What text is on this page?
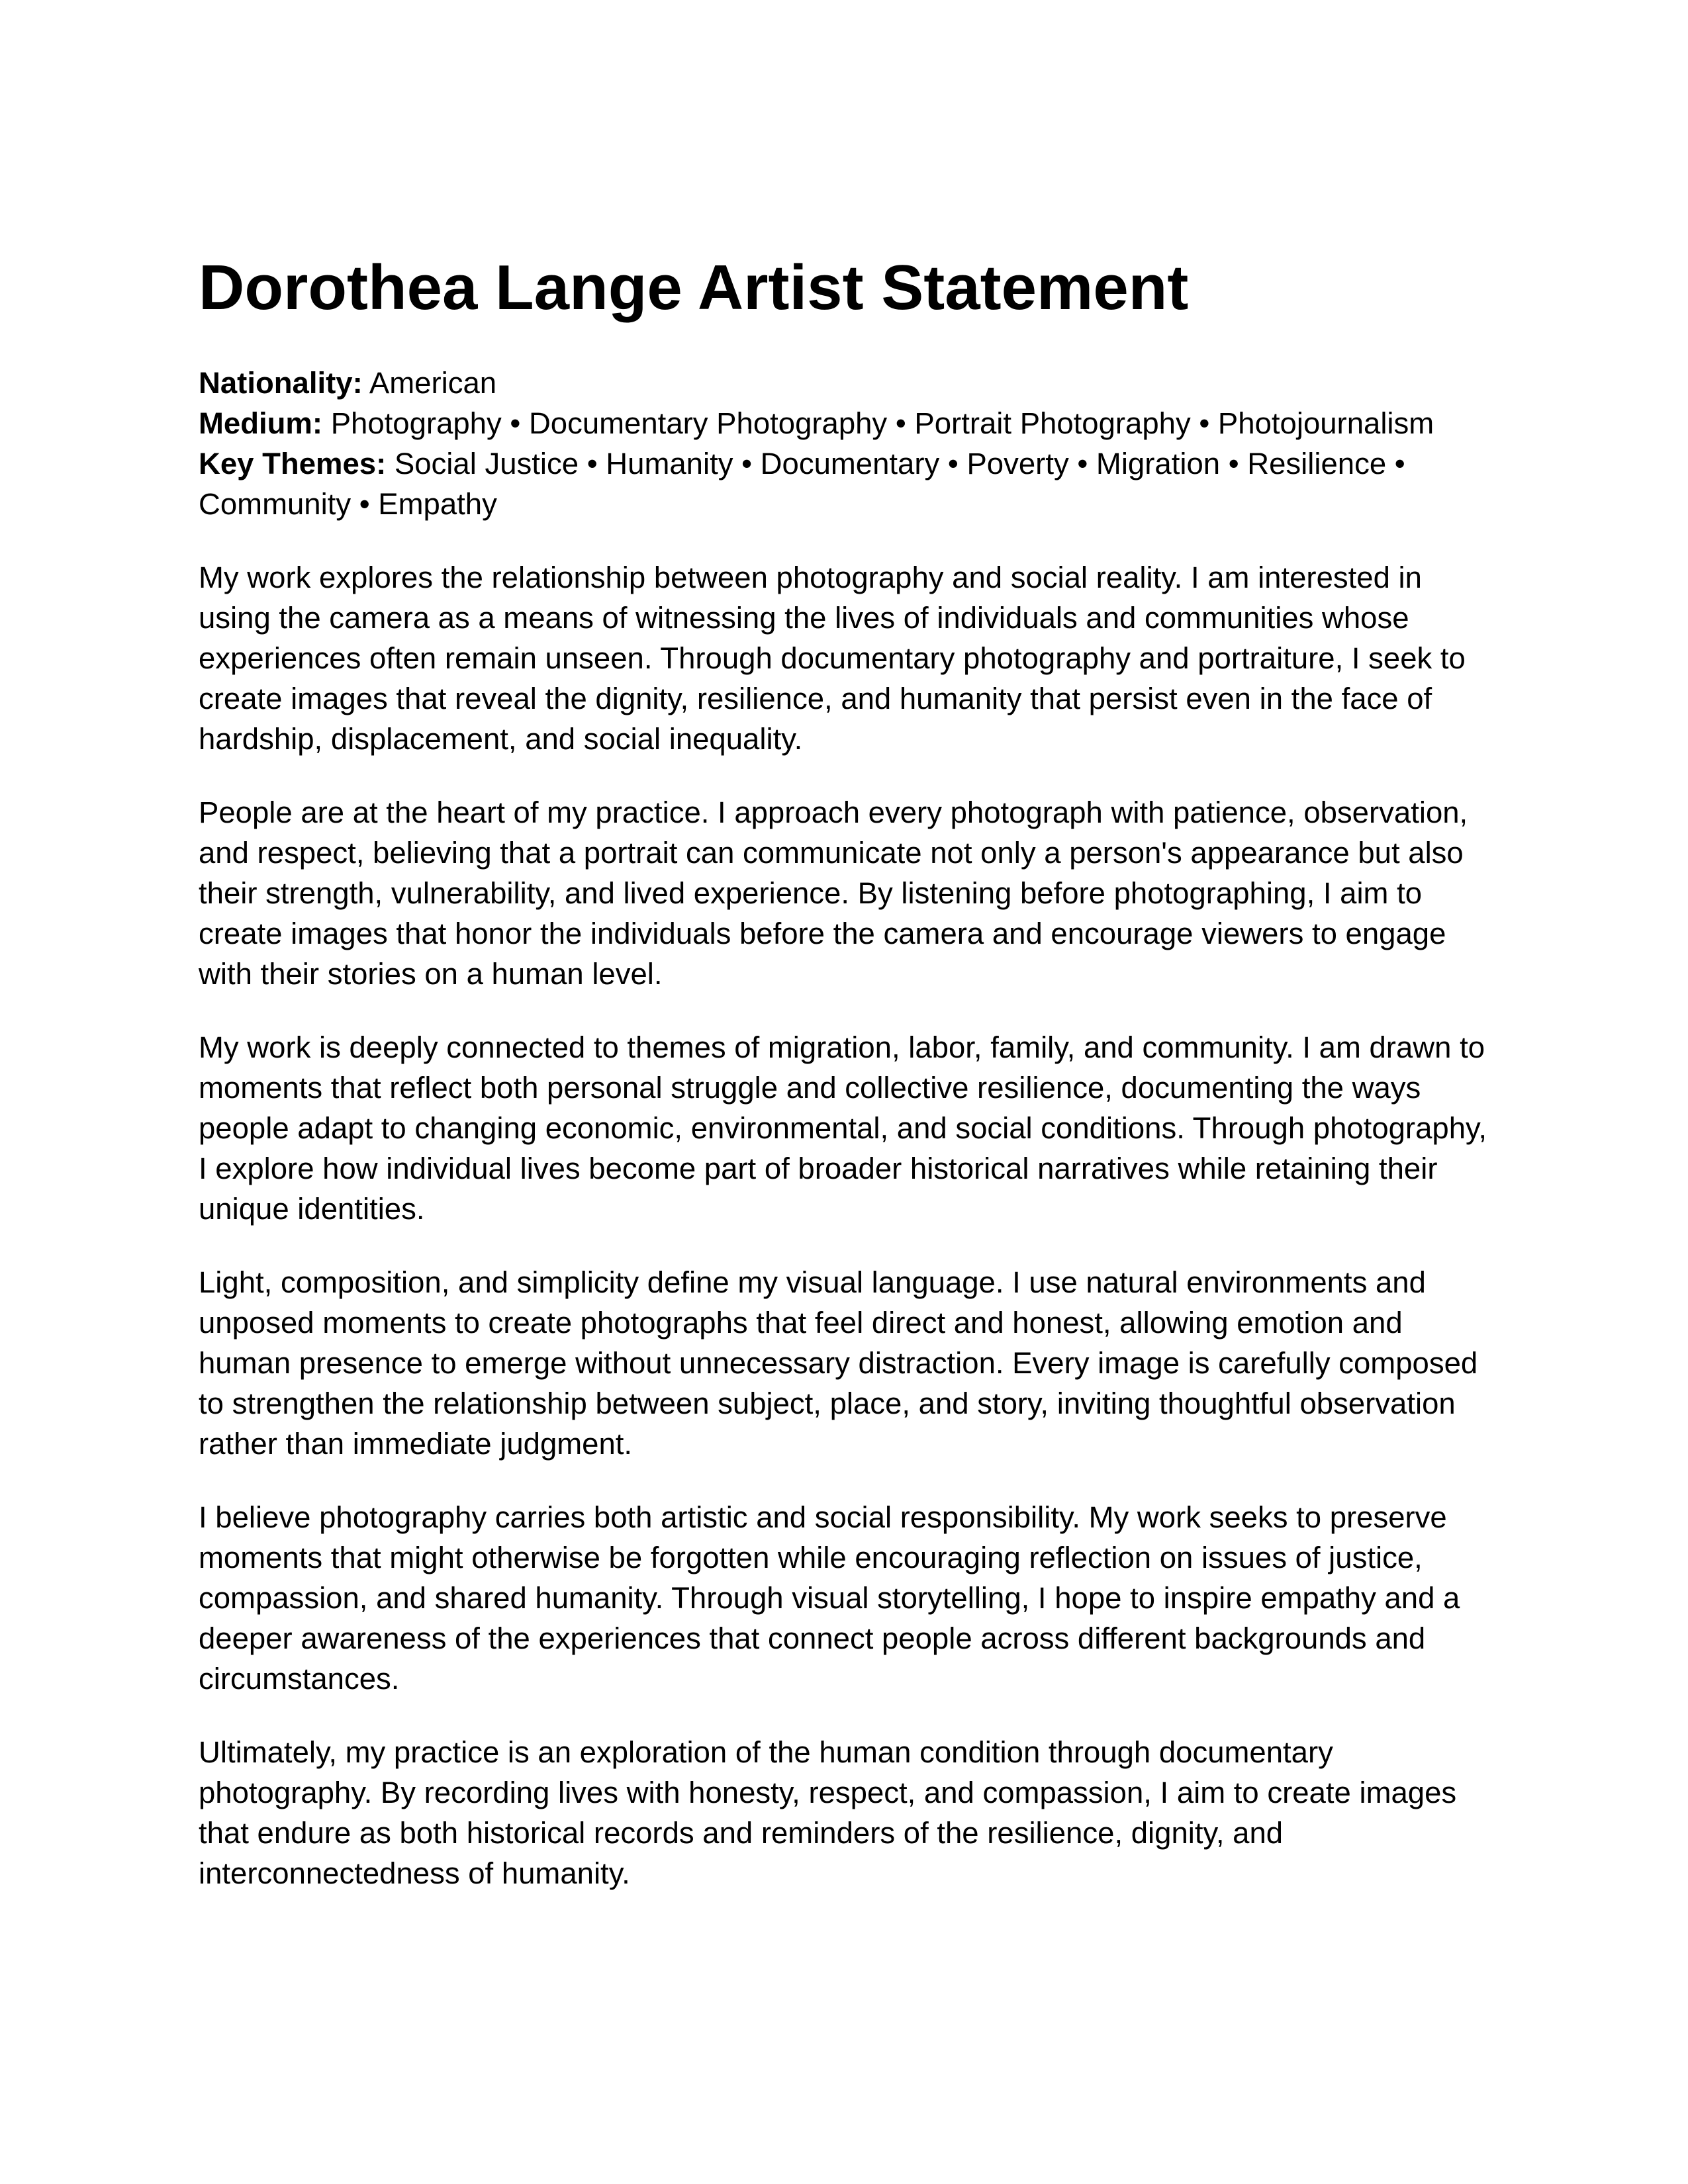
Dorothea Lange Artist Statement
Nationality: American
Medium: Photography • Documentary Photography • Portrait Photography • Photojournalism
Key Themes: Social Justice • Humanity • Documentary • Poverty • Migration • Resilience • Community • Empathy

My work explores the relationship between photography and social reality. I am interested in using the camera as a means of witnessing the lives of individuals and communities whose experiences often remain unseen. Through documentary photography and portraiture, I seek to create images that reveal the dignity, resilience, and humanity that persist even in the face of hardship, displacement, and social inequality.

People are at the heart of my practice. I approach every photograph with patience, observation, and respect, believing that a portrait can communicate not only a person's appearance but also their strength, vulnerability, and lived experience. By listening before photographing, I aim to create images that honor the individuals before the camera and encourage viewers to engage with their stories on a human level.

My work is deeply connected to themes of migration, labor, family, and community. I am drawn to moments that reflect both personal struggle and collective resilience, documenting the ways people adapt to changing economic, environmental, and social conditions. Through photography, I explore how individual lives become part of broader historical narratives while retaining their unique identities.

Light, composition, and simplicity define my visual language. I use natural environments and unposed moments to create photographs that feel direct and honest, allowing emotion and human presence to emerge without unnecessary distraction. Every image is carefully composed to strengthen the relationship between subject, place, and story, inviting thoughtful observation rather than immediate judgment.

I believe photography carries both artistic and social responsibility. My work seeks to preserve moments that might otherwise be forgotten while encouraging reflection on issues of justice, compassion, and shared humanity. Through visual storytelling, I hope to inspire empathy and a deeper awareness of the experiences that connect people across different backgrounds and circumstances.

Ultimately, my practice is an exploration of the human condition through documentary photography. By recording lives with honesty, respect, and compassion, I aim to create images that endure as both historical records and reminders of the resilience, dignity, and interconnectedness of humanity.
